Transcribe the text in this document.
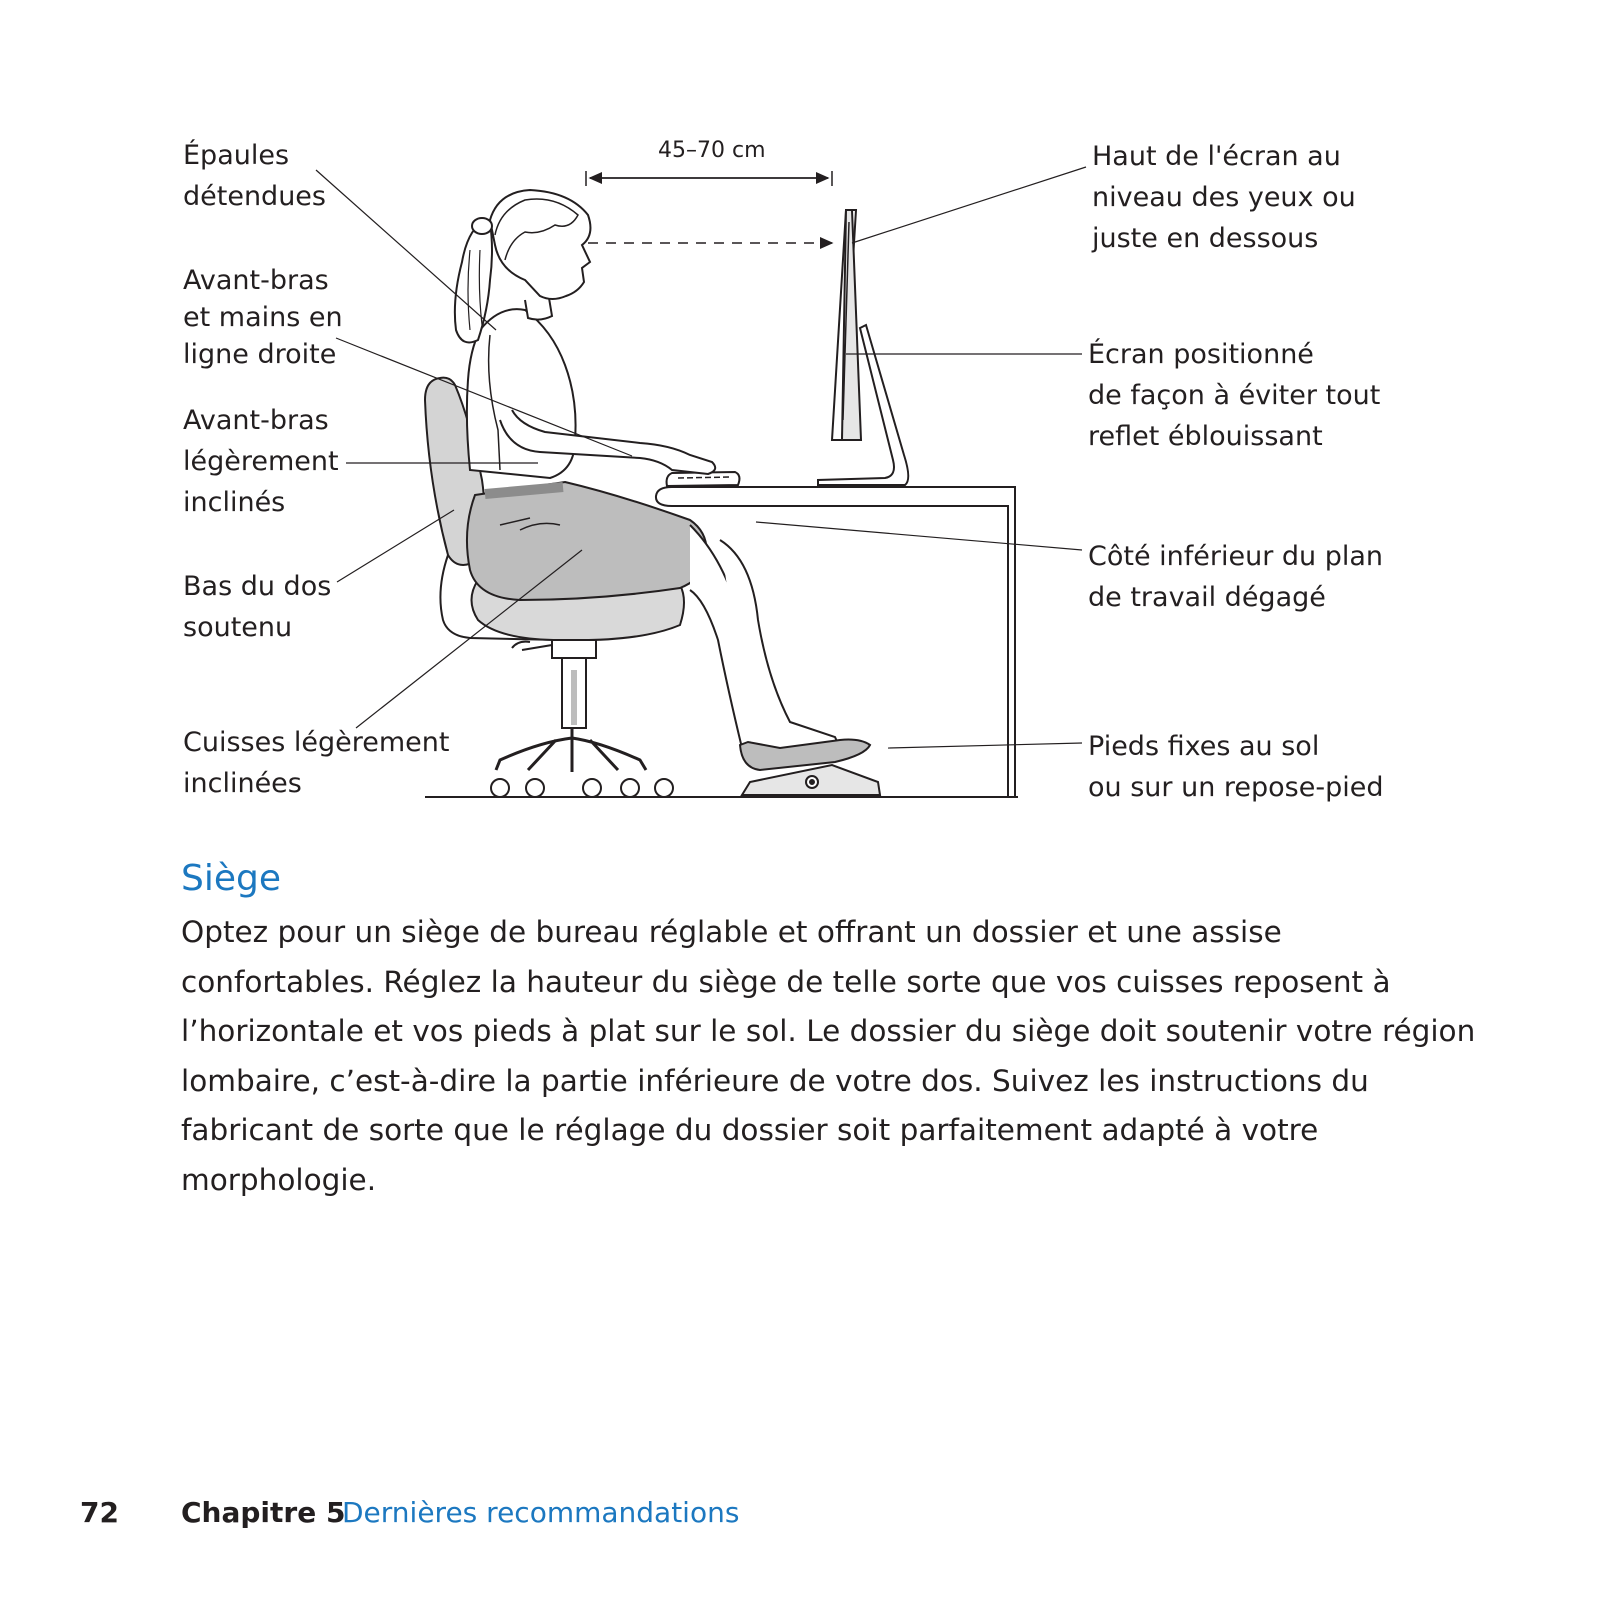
45–70 cm
Épaules
détendues
Avant-bras
et mains en
ligne droite
Avant-bras
légèrement
inclinés
Bas du dos
soutenu
Cuisses légèrement
inclinées
Haut de l'écran au
niveau des yeux ou
juste en dessous
Écran positionné
de façon à éviter tout
reflet éblouissant
Côté inférieur du plan
de travail dégagé
Pieds fixes au sol
ou sur un repose-pied
Siège

Optez pour un siège de bureau réglable et offrant un dossier et une assise confortables. Réglez la hauteur du siège de telle sorte que vos cuisses reposent à l’horizontale et vos pieds à plat sur le sol. Le dossier du siège doit soutenir votre région lombaire, c’est-à-dire la partie inférieure de votre dos. Suivez les instructions du fabricant de sorte que le réglage du dossier soit parfaitement adapté à votre morphologie.

72 Chapitre 5
Dernières recommandations
